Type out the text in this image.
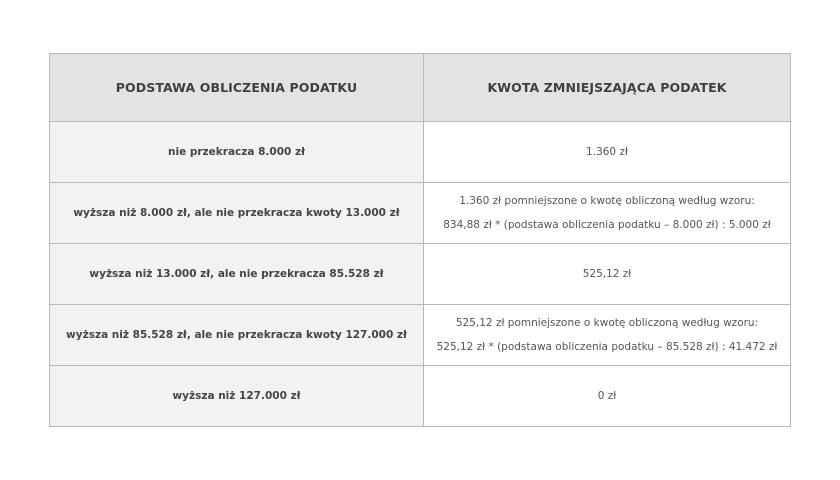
PODSTAWA OBLICZENIA PODATKU	KWOTA ZMNIEJSZAJĄCA PODATEK
nie przekracza 8.000 zł	1.360 zł

wyższa niż 8.000 zł, ale nie przekracza kwoty 13.000 zł	1.360 zł pomniejszone o kwotę obliczoną według wzoru:
834,88 zł * (podstawa obliczenia podatku – 8.000 zł) : 5.000 zł

wyższa niż 13.000 zł, ale nie przekracza 85.528 zł	525,12 zł

wyższa niż 85.528 zł, ale nie przekracza kwoty 127.000 zł	525,12 zł pomniejszone o kwotę obliczoną według wzoru:
525,12 zł * (podstawa obliczenia podatku – 85.528 zł) : 41.472 zł

wyższa niż 127.000 zł	0 zł
